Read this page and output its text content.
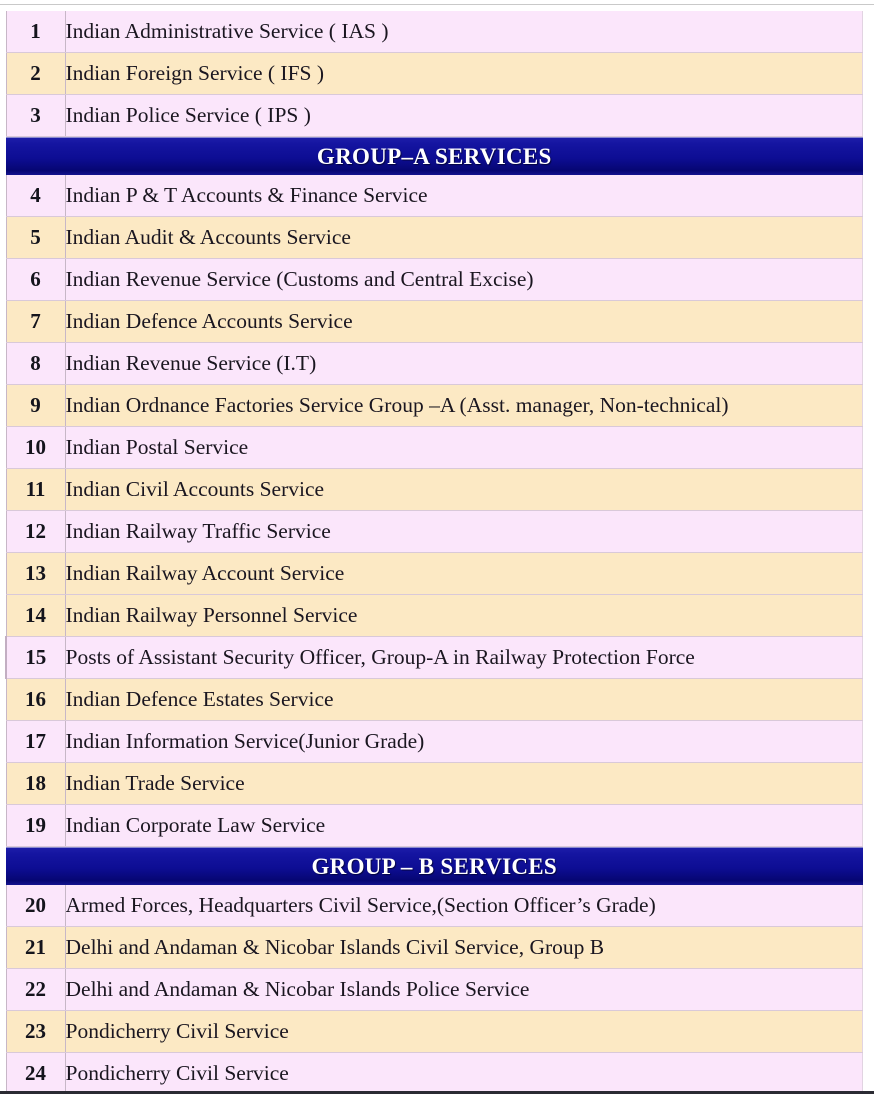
1	Indian Administrative Service ( IAS )
2	Indian Foreign Service ( IFS )
3	Indian Police Service ( IPS )

GROUP–A SERVICES	

4	Indian P & T Accounts & Finance Service
5	Indian Audit & Accounts Service
6	Indian Revenue Service (Customs and Central Excise)
7	Indian Defence Accounts Service
8	Indian Revenue Service (I.T)
9	Indian Ordnance Factories Service Group –A (Asst. manager, Non-technical)
10	Indian Postal Service
11	Indian Civil Accounts Service
12	Indian Railway Traffic Service
13	Indian Railway Account Service
14	Indian Railway Personnel Service
15	Posts of Assistant Security Officer, Group-A in Railway Protection Force
16	Indian Defence Estates Service
17	Indian Information Service(Junior Grade)
18	Indian Trade Service
19	Indian Corporate Law Service

GROUP – B SERVICES	

20	Armed Forces, Headquarters Civil Service,(Section Officer’s Grade)
21	Delhi and Andaman & Nicobar Islands Civil Service, Group B
22	Delhi and Andaman & Nicobar Islands Police Service
23	Pondicherry Civil Service
24	Pondicherry Civil Service
